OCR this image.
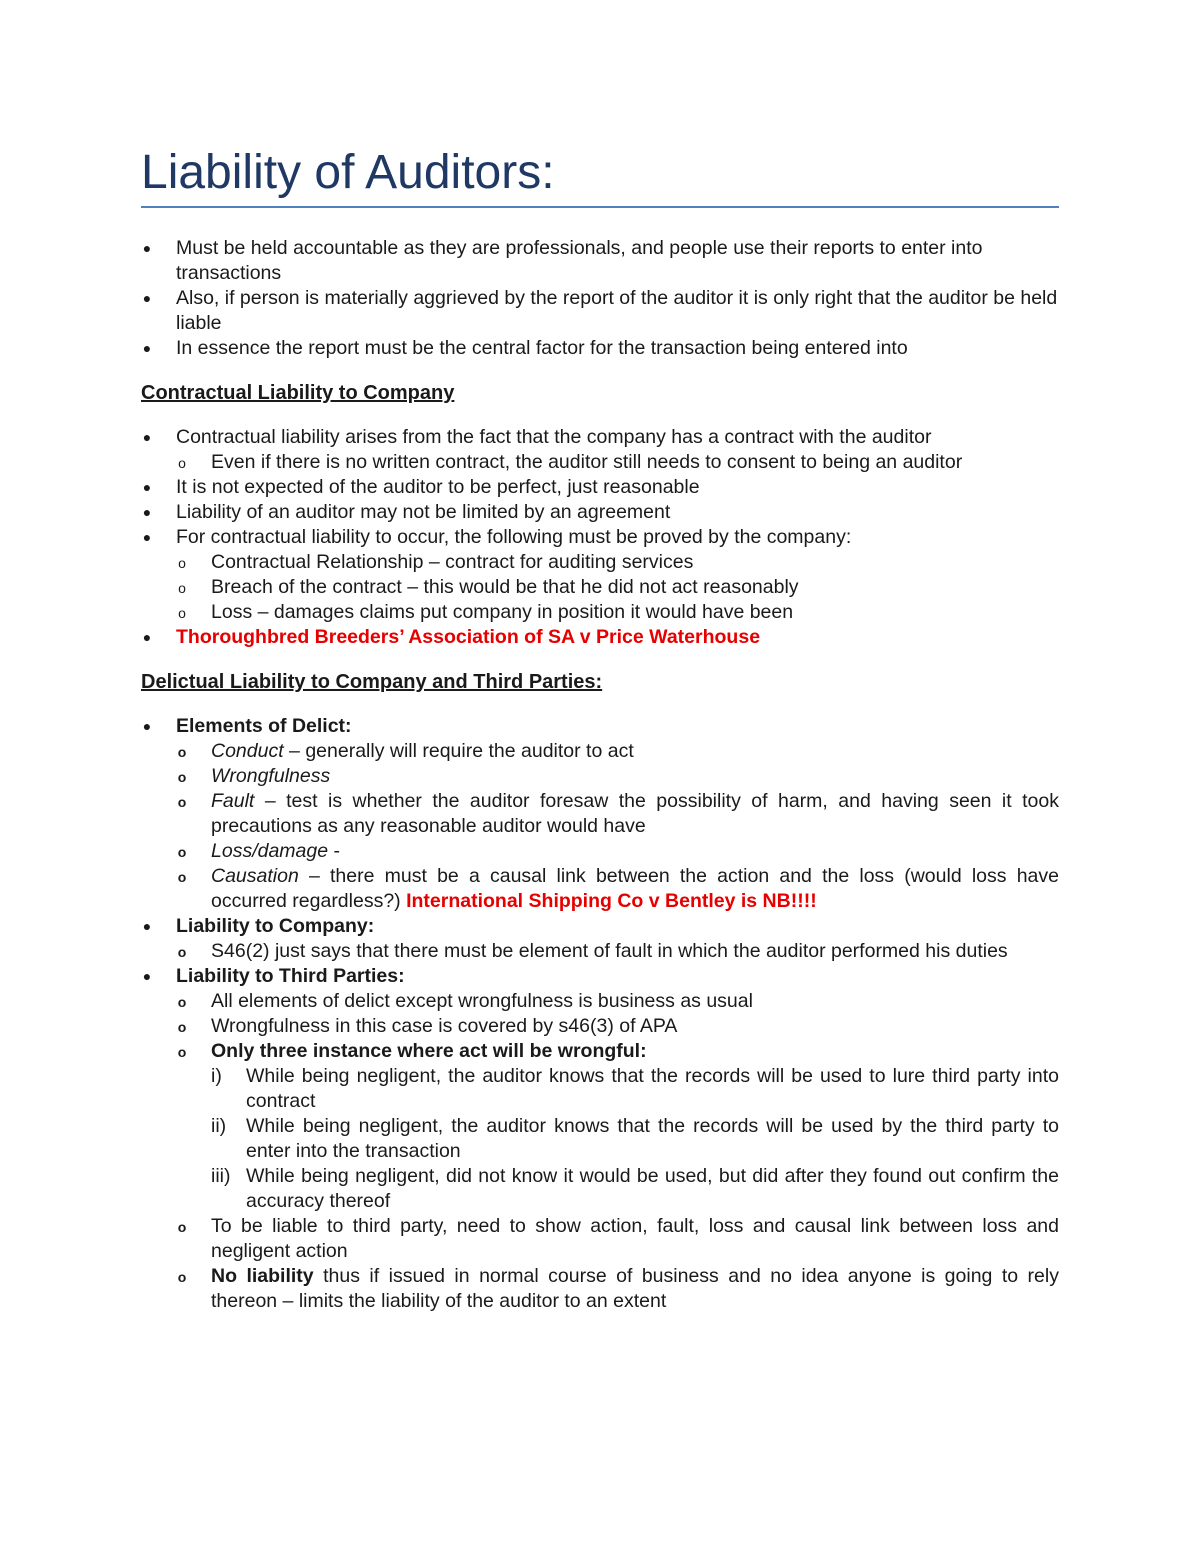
Liability of Auditors:
● Must be held accountable as they are professionals, and people use their reports to enter into transactions
● Also, if person is materially aggrieved by the report of the auditor it is only right that the auditor be held liable
● In essence the report must be the central factor for the transaction being entered into
Contractual Liability to Company
● Contractual liability arises from the fact that the company has a contract with the auditor
o Even if there is no written contract, the auditor still needs to consent to being an auditor
● It is not expected of the auditor to be perfect, just reasonable
● Liability of an auditor may not be limited by an agreement
● For contractual liability to occur, the following must be proved by the company:
o Contractual Relationship – contract for auditing services
o Breach of the contract – this would be that he did not act reasonably
o Loss – damages claims put company in position it would have been
● Thoroughbred Breeders’ Association of SA v Price Waterhouse
Delictual Liability to Company and Third Parties:
● Elements of Delict:
o Conduct – generally will require the auditor to act
o Wrongfulness
o Fault – test is whether the auditor foresaw the possibility of harm, and having seen it took precautions as any reasonable auditor would have
o Loss/damage -
o Causation – there must be a causal link between the action and the loss (would loss have occurred regardless?) International Shipping Co v Bentley is NB!!!!
● Liability to Company:
o S46(2) just says that there must be element of fault in which the auditor performed his duties
● Liability to Third Parties:
o All elements of delict except wrongfulness is business as usual
o Wrongfulness in this case is covered by s46(3) of APA
o Only three instance where act will be wrongful:
i) While being negligent, the auditor knows that the records will be used to lure third party into contract
ii) While being negligent, the auditor knows that the records will be used by the third party to enter into the transaction
iii) While being negligent, did not know it would be used, but did after they found out confirm the accuracy thereof
o To be liable to third party, need to show action, fault, loss and causal link between loss and negligent action
o No liability thus if issued in normal course of business and no idea anyone is going to rely thereon – limits the liability of the auditor to an extent
